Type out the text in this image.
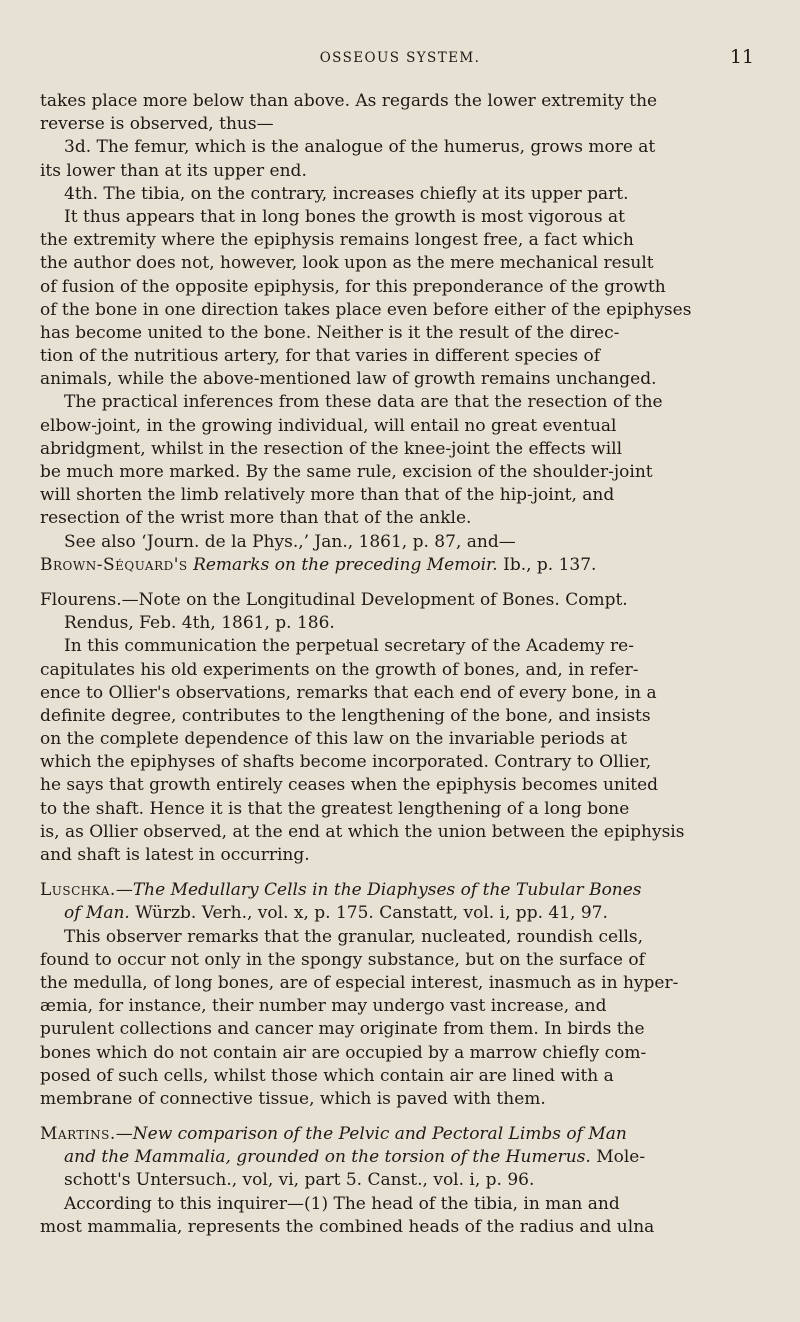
OSSEOUS SYSTEM.	11
takes place more below than above. As regards the lower extremity the
reverse is observed, thus—
3d. The femur, which is the analogue of the humerus, grows more at
its lower than at its upper end.
4th. The tibia, on the contrary, increases chiefly at its upper part.
It thus appears that in long bones the growth is most vigorous at
the extremity where the epiphysis remains longest free, a fact which
the author does not, however, look upon as the mere mechanical result
of fusion of the opposite epiphysis, for this preponderance of the growth
of the bone in one direction takes place even before either of the epiphyses
has become united to the bone. Neither is it the result of the direc-
tion of the nutritious artery, for that varies in different species of
animals, while the above-mentioned law of growth remains unchanged.
The practical inferences from these data are that the resection of the
elbow-joint, in the growing individual, will entail no great eventual
abridgment, whilst in the resection of the knee-joint the effects will
be much more marked. By the same rule, excision of the shoulder-joint
will shorten the limb relatively more than that of the hip-joint, and
resection of the wrist more than that of the ankle.
See also ‘Journ. de la Phys.,’ Jan., 1861, p. 87, and—
Brown-Séquard's Remarks on the preceding Memoir. Ib., p. 137.
Flourens.—Note on the Longitudinal Development of Bones. Compt.
Rendus, Feb. 4th, 1861, p. 186.
In this communication the perpetual secretary of the Academy re-
capitulates his old experiments on the growth of bones, and, in refer-
ence to Ollier's observations, remarks that each end of every bone, in a
definite degree, contributes to the lengthening of the bone, and insists
on the complete dependence of this law on the invariable periods at
which the epiphyses of shafts become incorporated. Contrary to Ollier,
he says that growth entirely ceases when the epiphysis becomes united
to the shaft. Hence it is that the greatest lengthening of a long bone
is, as Ollier observed, at the end at which the union between the epiphysis
and shaft is latest in occurring.
Luschka.—The Medullary Cells in the Diaphyses of the Tubular Bones
of Man. Würzb. Verh., vol. x, p. 175. Canstatt, vol. i, pp. 41, 97.
This observer remarks that the granular, nucleated, roundish cells,
found to occur not only in the spongy substance, but on the surface of
the medulla, of long bones, are of especial interest, inasmuch as in hyper-
æmia, for instance, their number may undergo vast increase, and
purulent collections and cancer may originate from them. In birds the
bones which do not contain air are occupied by a marrow chiefly com-
posed of such cells, whilst those which contain air are lined with a
membrane of connective tissue, which is paved with them.
Martins.—New comparison of the Pelvic and Pectoral Limbs of Man
and the Mammalia, grounded on the torsion of the Humerus. Mole-
schott's Untersuch., vol, vi, part 5. Canst., vol. i, p. 96.
According to this inquirer—(1) The head of the tibia, in man and
most mammalia, represents the combined heads of the radius and ulna
